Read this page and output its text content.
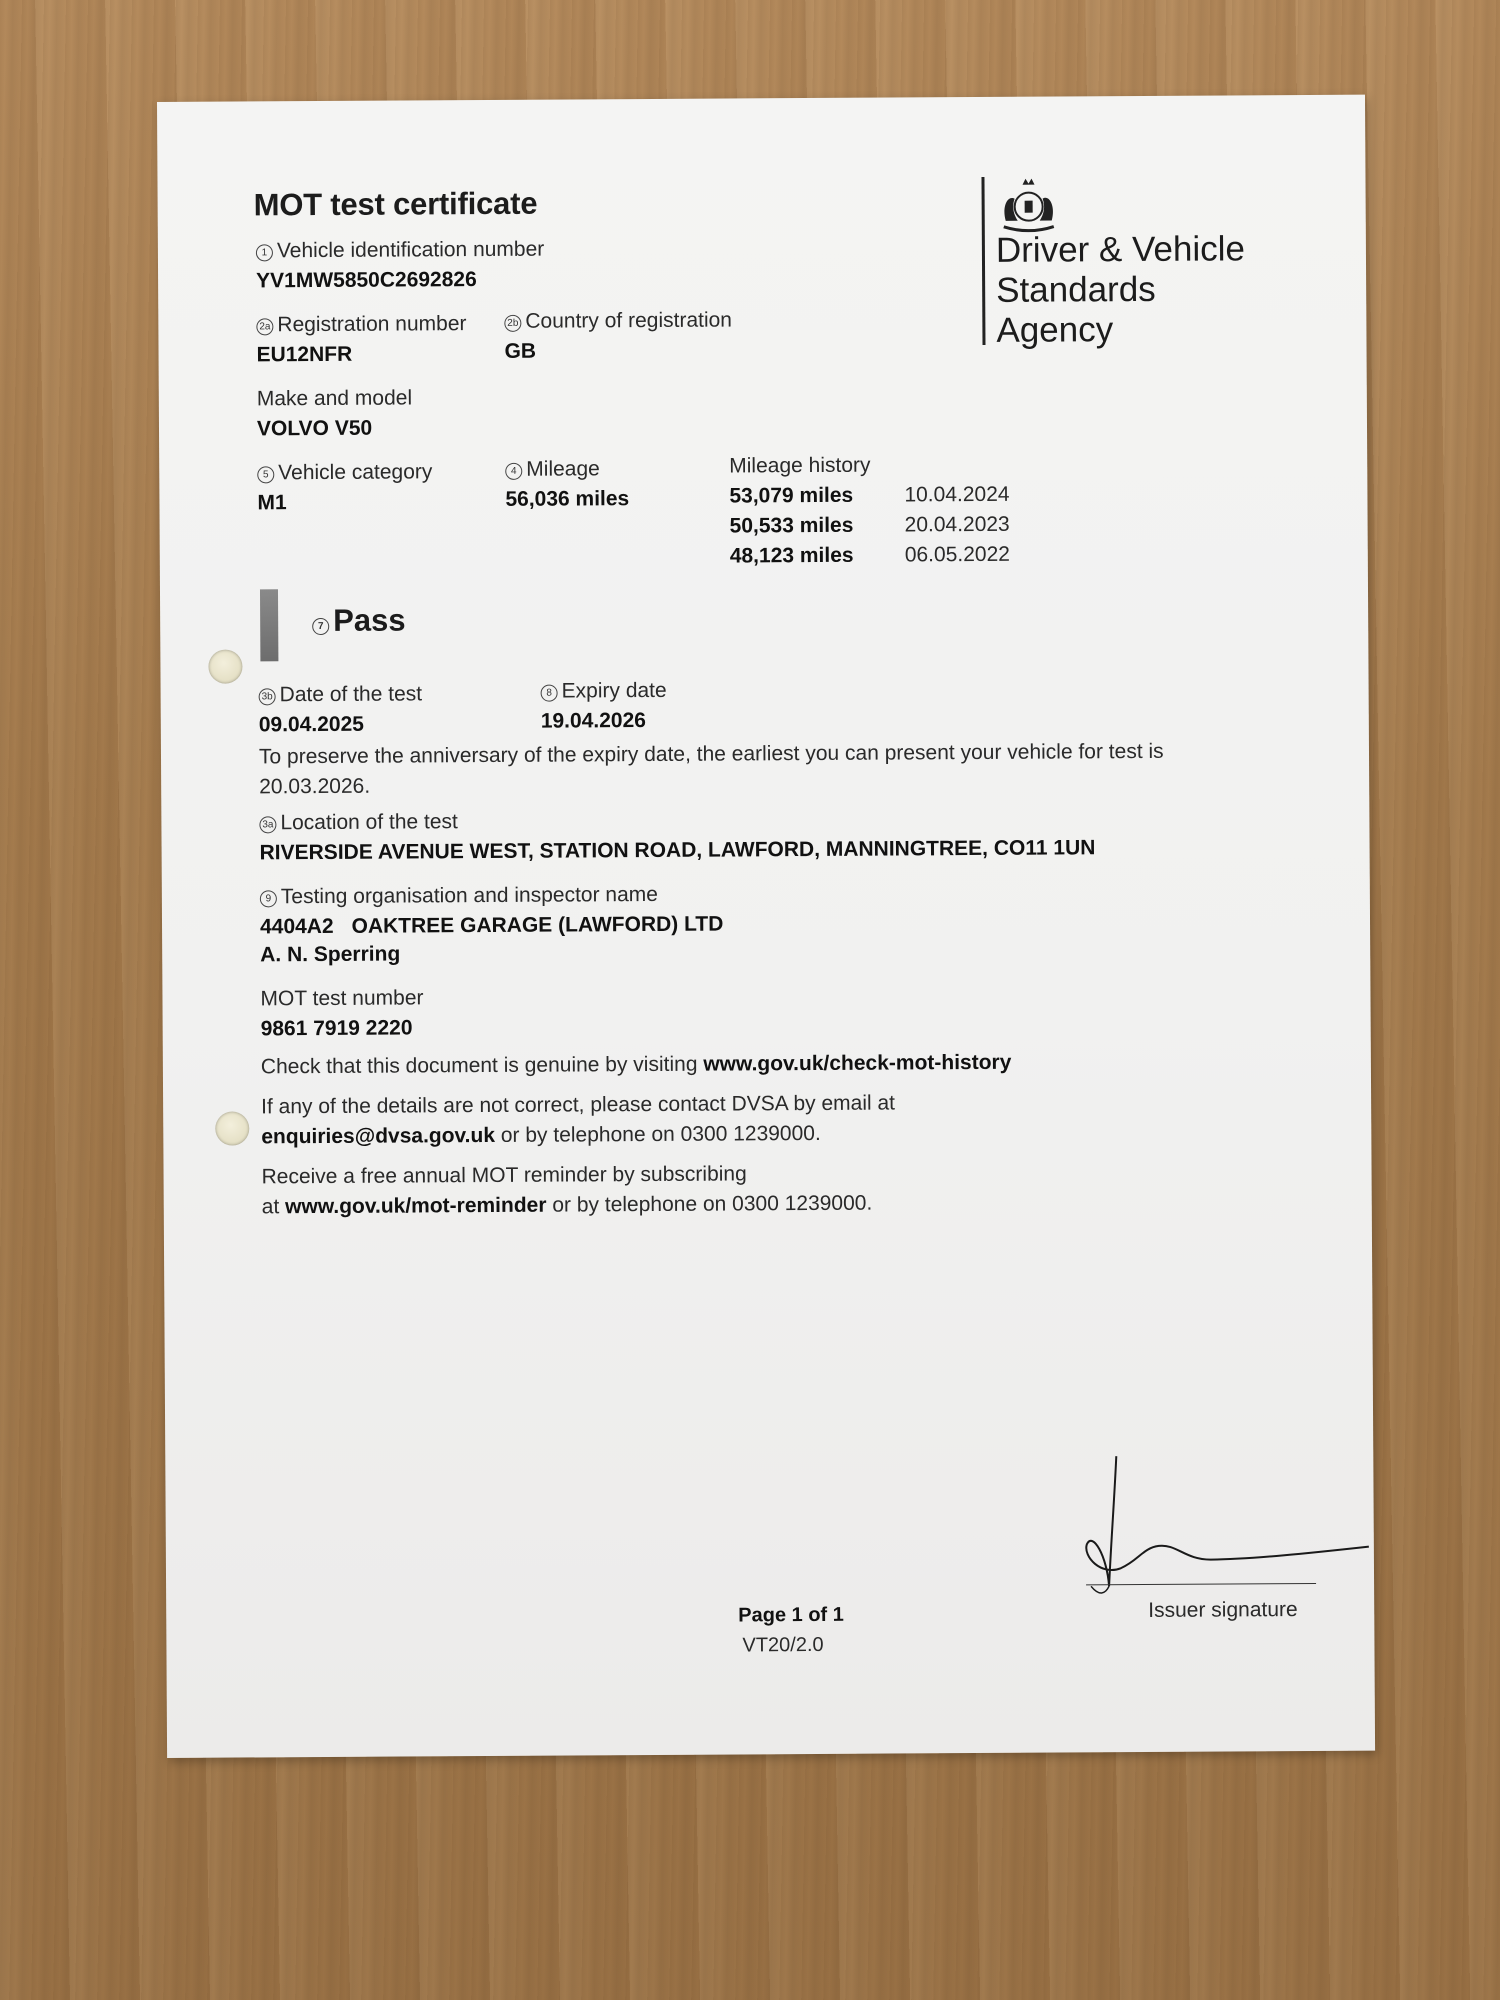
MOT test certificate
Driver & Vehicle
Standards
Agency
1 Vehicle identification number
YV1MW5850C2692826
2a Registration number
EU12NFR
2b Country of registration
GB
Make and model
VOLVO V50
5 Vehicle category
M1
4 Mileage
56,036 miles
Mileage history
53,079 miles 10.04.2024
50,533 miles 20.04.2023
48,123 miles 06.05.2022
7 Pass
3b Date of the test
09.04.2025
8 Expiry date
19.04.2026
To preserve the anniversary of the expiry date, the earliest you can present your vehicle for test is
20.03.2026.
3a Location of the test
RIVERSIDE AVENUE WEST, STATION ROAD, LAWFORD, MANNINGTREE, CO11 1UN
9 Testing organisation and inspector name
4404A2 OAKTREE GARAGE (LAWFORD) LTD
A. N. Sperring
MOT test number
9861 7919 2220
Check that this document is genuine by visiting www.gov.uk/check-mot-history
If any of the details are not correct, please contact DVSA by email at
enquiries@dvsa.gov.uk or by telephone on 0300 1239000.
Receive a free annual MOT reminder by subscribing
at www.gov.uk/mot-reminder or by telephone on 0300 1239000.
Issuer signature
Page 1 of 1
VT20/2.0
